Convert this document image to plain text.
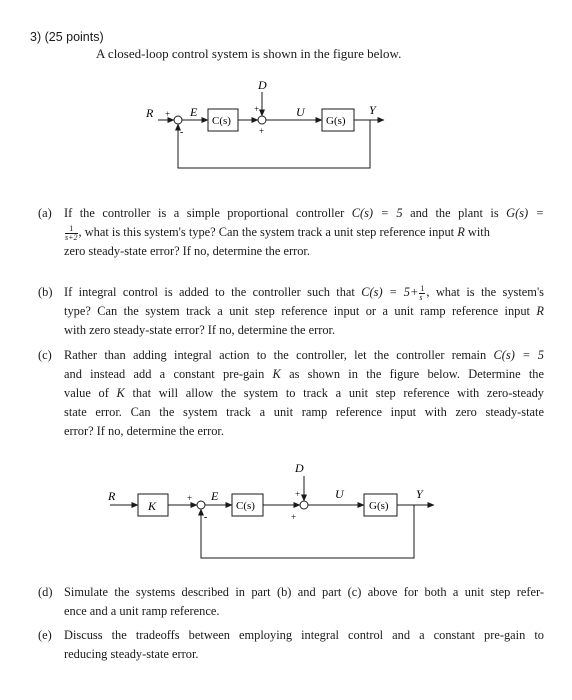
3) (25 points)
A closed-loop control system is shown in the figure below.
R +
-
E
C(s)
D
+
+
U
G(s)
Y
(a) If the controller is a simple proportional controller C(s) = 5 and the plant is G(s) =
$\frac{1}{s+2}$ , what is this system's type? Can the system track a unit step reference input R with
zero steady-state error? If no, determine the error.
(b) If integral control is added to the controller such that $C(s) = 5+ \frac{1}{s}$ , what is the system's
type? Can the system track a unit step reference input or a unit ramp reference input R
with zero steady-state error? If no, determine the error.
(c) Rather than adding integral action to the controller, let the controller remain C(s) = 5
and instead add a constant pre-gain K as shown in the figure below. Determine the
value of K that will allow the system to track a unit step reference with zero-steady
state error. Can the system track a unit ramp reference input with zero steady-state
error? If no, determine the error.
R
K
+
-
E
C(s)
D
+
+
U
G(s)
Y
(d) Simulate the systems described in part (b) and part (c) above for both a unit step refer-
ence and a unit ramp reference.
(e) Discuss the tradeoffs between employing integral control and a constant pre-gain to
reducing steady-state error.
